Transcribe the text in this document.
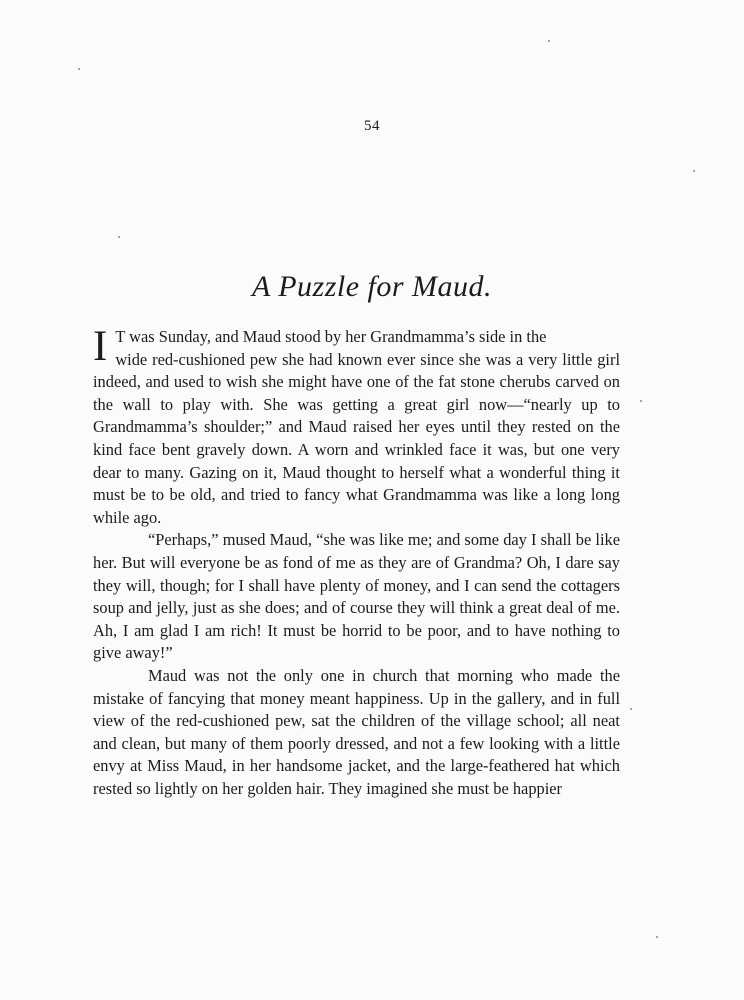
54
A Puzzle for Maud.

I T was Sunday, and Maud stood by her Grandmamma’s side in the
wide red-cushioned pew she had known ever since she was a very little girl indeed, and used to wish she might have one of the fat stone cherubs carved on the wall to play with. She was getting a great girl now—“nearly up to Grandmamma’s shoulder;” and Maud raised her eyes until they rested on the kind face bent gravely down. A worn and wrinkled face it was, but one very dear to many. Gazing on it, Maud thought to herself what a wonderful thing it must be to be old, and tried to fancy what Grandmamma was like a long long while ago.

“Perhaps,” mused Maud, “she was like me; and some day I shall be like her. But will everyone be as fond of me as they are of Grandma? Oh, I dare say they will, though; for I shall have plenty of money, and I can send the cottagers soup and jelly, just as she does; and of course they will think a great deal of me. Ah, I am glad I am rich! It must be horrid to be poor, and to have nothing to give away!”

Maud was not the only one in church that morning who made the mistake of fancying that money meant happiness. Up in the gallery, and in full view of the red-cushioned pew, sat the children of the village school; all neat and clean, but many of them poorly dressed, and not a few looking with a little envy at Miss Maud, in her handsome jacket, and the large-feathered hat which rested so lightly on her golden hair. They imagined she must be happier
